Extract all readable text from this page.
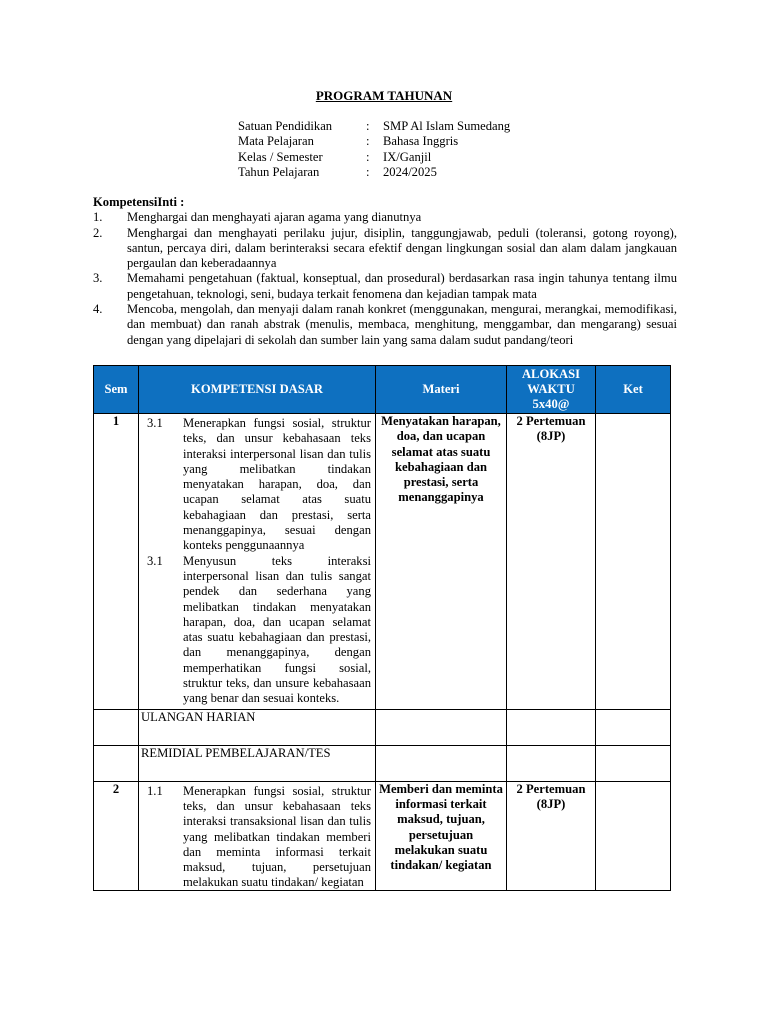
PROGRAM TAHUNAN
Satuan Pendidikan	:	SMP Al Islam Sumedang
Mata Pelajaran	:	Bahasa Inggris
Kelas / Semester	:	IX/Ganjil
Tahun Pelajaran	:	2024/2025
KompetensiInti :
1.	Menghargai dan menghayati ajaran agama yang dianutnya
2.	Menghargai dan menghayati perilaku jujur, disiplin, tanggungjawab, peduli (toleransi, gotong royong), santun, percaya diri, dalam berinteraksi secara efektif dengan lingkungan sosial dan alam dalam jangkauan pergaulan dan keberadaannya
3.	Memahami pengetahuan (faktual, konseptual, dan prosedural) berdasarkan rasa ingin tahunya tentang ilmu pengetahuan, teknologi, seni, budaya terkait fenomena dan kejadian tampak mata
4.	Mencoba, mengolah, dan menyaji dalam ranah konkret (menggunakan, mengurai, merangkai, memodifikasi, dan membuat) dan ranah abstrak (menulis, membaca, menghitung, menggambar, dan mengarang) sesuai dengan yang dipelajari di sekolah dan sumber lain yang sama dalam sudut pandang/teori
Sem	KOMPETENSI DASAR	Materi	ALOKASI WAKTU 5x40@	Ket
1	3.1 Menerapkan fungsi sosial, struktur teks, dan unsur kebahasaan teks interaksi interpersonal lisan dan tulis yang melibatkan tindakan menyatakan harapan, doa, dan ucapan selamat atas suatu kebahagiaan dan prestasi, serta menanggapinya, sesuai dengan konteks penggunaannya
3.1 Menyusun teks interaksi interpersonal lisan dan tulis sangat pendek dan sederhana yang melibatkan tindakan menyatakan harapan, doa, dan ucapan selamat atas suatu kebahagiaan dan prestasi, dan menanggapinya, dengan memperhatikan fungsi sosial, struktur teks, dan unsure kebahasaan yang benar dan sesuai konteks.	Menyatakan harapan, doa, dan ucapan selamat atas suatu kebahagiaan dan prestasi, serta menanggapinya	2 Pertemuan (8JP)	
	ULANGAN HARIAN			
	REMIDIAL PEMBELAJARAN/TES			
2	1.1 Menerapkan fungsi sosial, struktur teks, dan unsur kebahasaan teks interaksi transaksional lisan dan tulis yang melibatkan tindakan memberi dan meminta informasi terkait maksud, tujuan, persetujuan melakukan suatu tindakan/ kegiatan	Memberi dan meminta informasi terkait maksud, tujuan, persetujuan melakukan suatu tindakan/ kegiatan	2 Pertemuan (8JP)	
